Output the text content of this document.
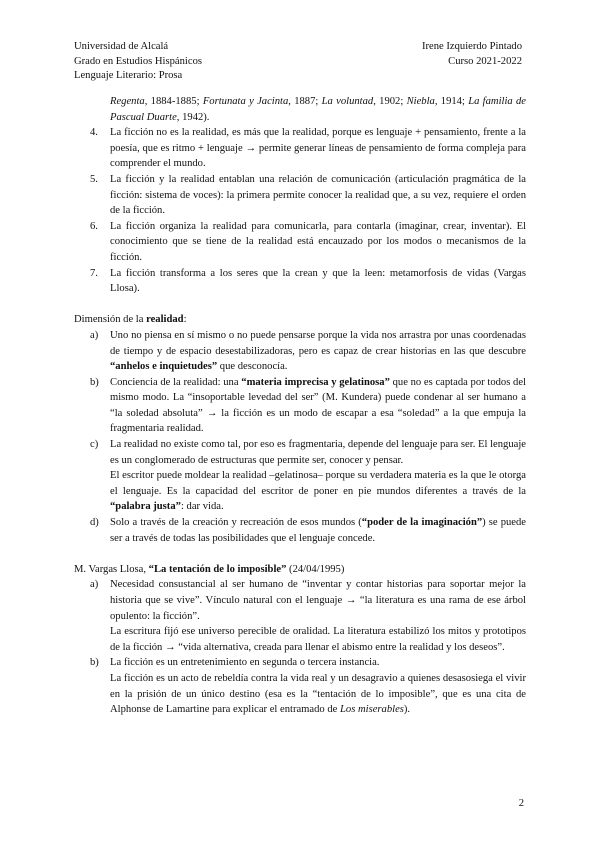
Universidad de Alcalá
Grado en Estudios Hispánicos
Lenguaje Literario: Prosa
Irene Izquierdo Pintado
Curso 2021-2022

Regenta, 1884-1885; Fortunata y Jacinta, 1887; La voluntad, 1902; Niebla, 1914; La familia de Pascual Duarte, 1942).

4. La ficción no es la realidad, es más que la realidad, porque es lenguaje + pensamiento, frente a la poesía, que es ritmo + lenguaje → permite generar líneas de pensamiento de forma compleja para comprender el mundo.

5. La ficción y la realidad entablan una relación de comunicación (articulación pragmática de la ficción: sistema de voces): la primera permite conocer la realidad que, a su vez, requiere el orden de la ficción.

6. La ficción organiza la realidad para comunicarla, para contarla (imaginar, crear, inventar). El conocimiento que se tiene de la realidad está encauzado por los modos o mecanismos de la ficción.

7. La ficción transforma a los seres que la crean y que la leen: metamorfosis de vidas (Vargas Llosa).

Dimensión de la realidad:

a) Uno no piensa en sí mismo o no puede pensarse porque la vida nos arrastra por unas coordenadas de tiempo y de espacio desestabilizadoras, pero es capaz de crear historias en las que descubre “anhelos e inquietudes” que desconocía.

b) Conciencia de la realidad: una “materia imprecisa y gelatinosa” que no es captada por todos del mismo modo. La “insoportable levedad del ser” (M. Kundera) puede condenar al ser humano a “la soledad absoluta” → la ficción es un modo de escapar a esa “soledad” a la que empuja la fragmentaria realidad.

c) La realidad no existe como tal, por eso es fragmentaria, depende del lenguaje para ser. El lenguaje es un conglomerado de estructuras que permite ser, conocer y pensar.

El escritor puede moldear la realidad –gelatinosa– porque su verdadera materia es la que le otorga el lenguaje. Es la capacidad del escritor de poner en pie mundos diferentes a través de la “palabra justa”: dar vida.

d) Solo a través de la creación y recreación de esos mundos (“poder de la imaginación”) se puede ser a través de todas las posibilidades que el lenguaje concede.

M. Vargas Llosa, “La tentación de lo imposible” (24/04/1995)

a) Necesidad consustancial al ser humano de “inventar y contar historias para soportar mejor la historia que se vive”. Vínculo natural con el lenguaje → “la literatura es una rama de ese árbol opulento: la ficción”.

La escritura fijó ese universo perecible de oralidad. La literatura estabilizó los mitos y prototipos de la ficción → “vida alternativa, creada para llenar el abismo entre la realidad y los deseos”.

b) La ficción es un entretenimiento en segunda o tercera instancia.

La ficción es un acto de rebeldía contra la vida real y un desagravio a quienes desasosiega el vivir en la prisión de un único destino (esa es la “tentación de lo imposible”, que es una cita de Alphonse de Lamartine para explicar el entramado de Los miserables).

2
